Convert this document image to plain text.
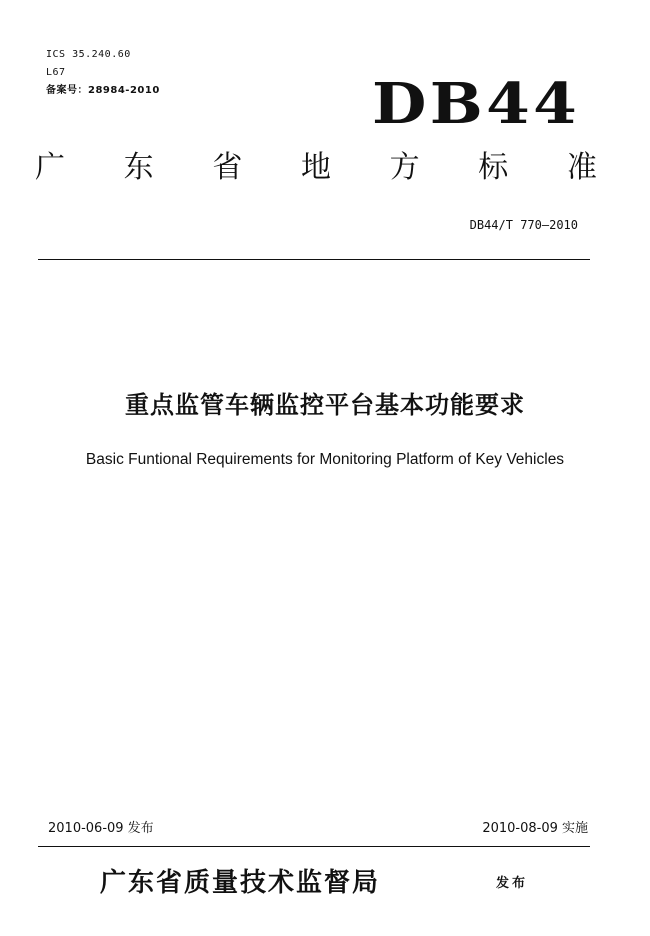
ICS 35.240.60
L67
备案号：28984-2010	DB44
广 东 省 地 方 标 准
DB44/T 770—2010
重点监管车辆监控平台基本功能要求
Basic Funtional Requirements for Monitoring Platform of Key Vehicles
2010-06-09 发布	2010-08-09 实施
广东省质量技术监督局	发布
